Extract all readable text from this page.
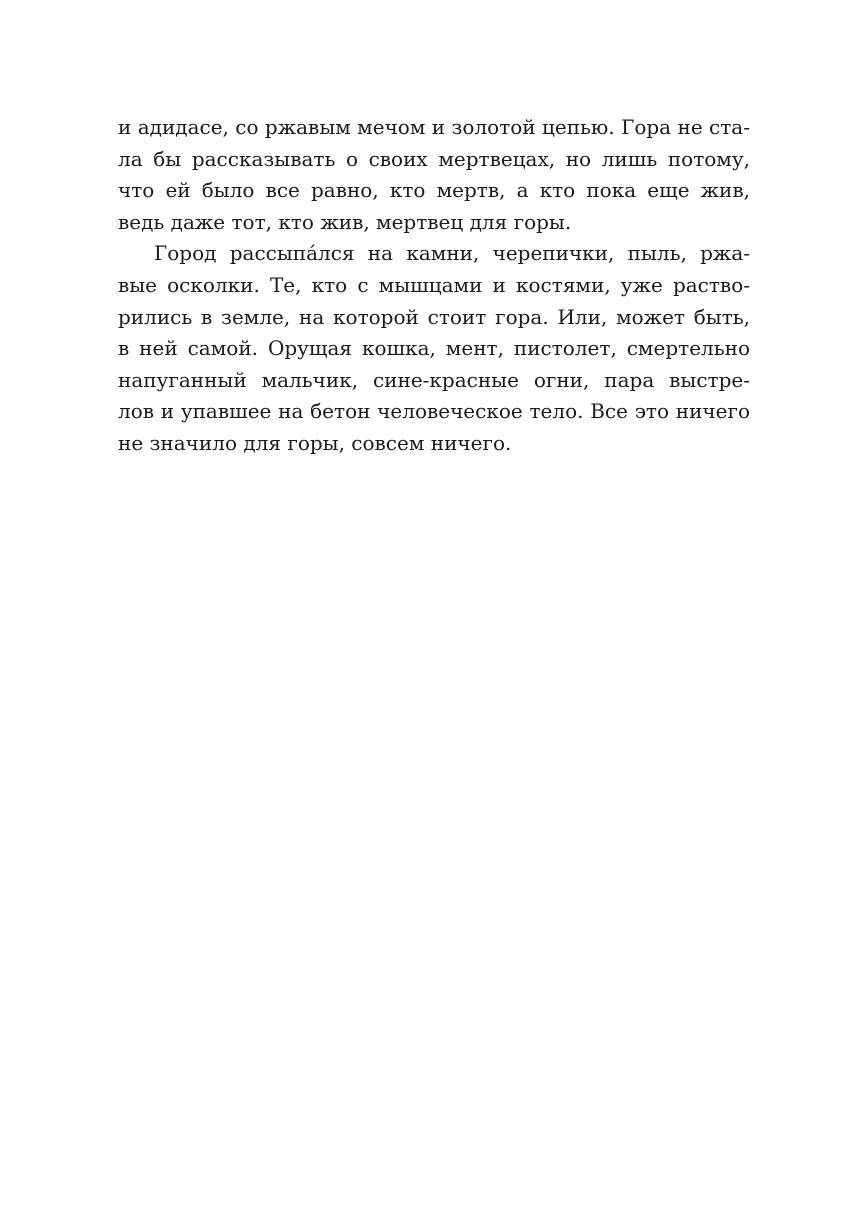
и адидасе, со ржавым мечом и золотой цепью. Гора не ста-
ла бы рассказывать о своих мертвецах, но лишь потому,
что ей было все равно, кто мертв, а кто пока еще жив,
ведь даже тот, кто жив, мертвец для горы.
Город рассыпа́лся на камни, черепички, пыль, ржа-
вые осколки. Те, кто с мышцами и костями, уже раство-
рились в земле, на которой стоит гора. Или, может быть,
в ней самой. Орущая кошка, мент, пистолет, смертельно
напуганный мальчик, сине-красные огни, пара выстре-
лов и упавшее на бетон человеческое тело. Все это ничего
не значило для горы, совсем ничего.
